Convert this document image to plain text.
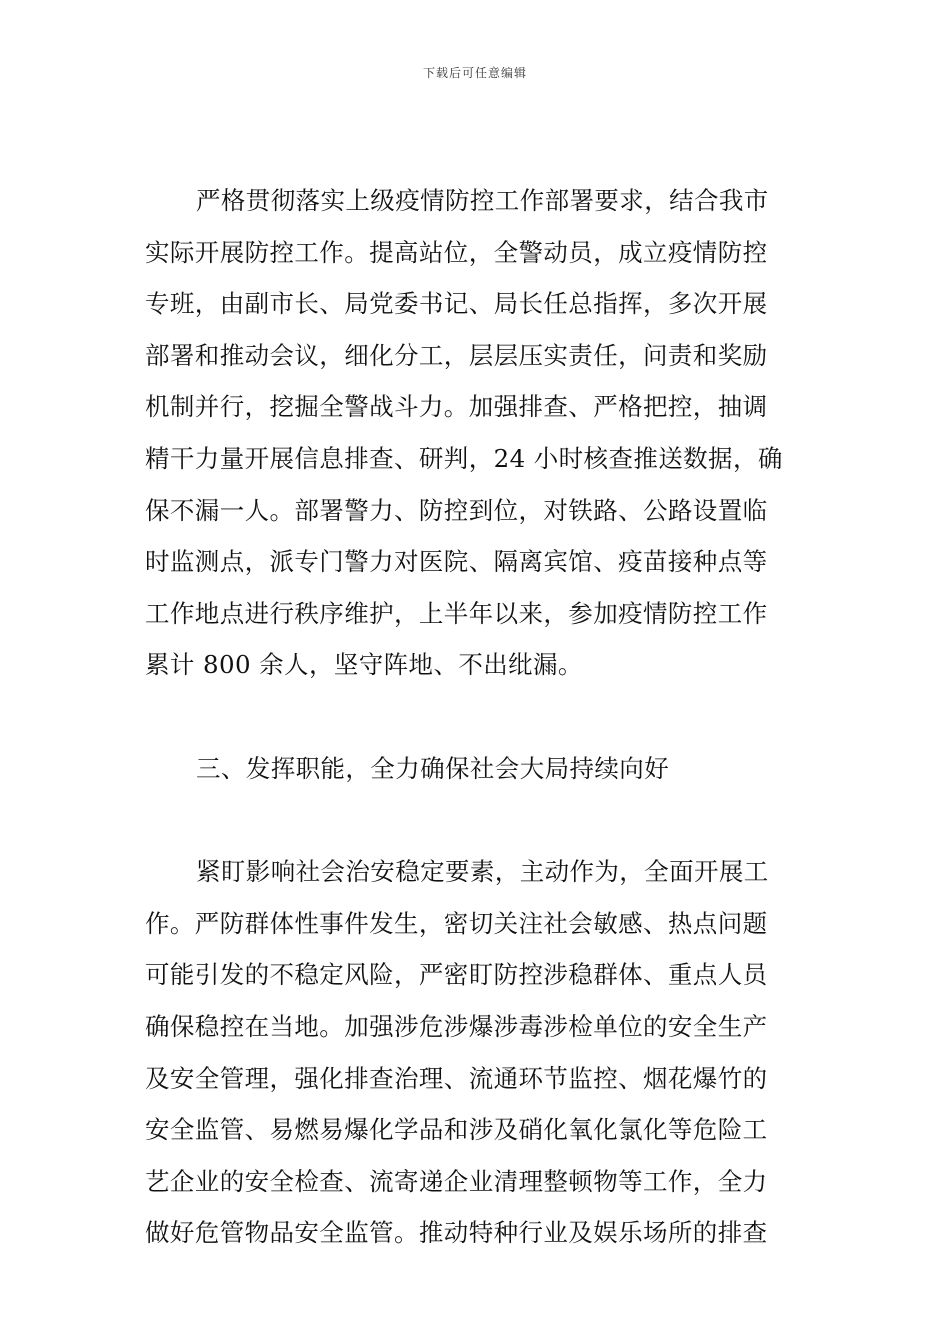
下载后可任意编辑
严格贯彻落实上级疫情防控工作部署要求，结合我市
实际开展防控工作。提高站位，全警动员，成立疫情防控
专班，由副市长、局党委书记、局长任总指挥，多次开展
部署和推动会议，细化分工，层层压实责任，问责和奖励
机制并行，挖掘全警战斗力。加强排查、严格把控，抽调
精干力量开展信息排查、研判，24 小时核查推送数据，确
保不漏一人。部署警力、防控到位，对铁路、公路设置临
时监测点，派专门警力对医院、隔离宾馆、疫苗接种点等
工作地点进行秩序维护，上半年以来，参加疫情防控工作
累计 800 余人，坚守阵地、不出纰漏。
三、发挥职能，全力确保社会大局持续向好
紧盯影响社会治安稳定要素，主动作为，全面开展工
作。严防群体性事件发生，密切关注社会敏感、热点问题
可能引发的不稳定风险，严密盯防控涉稳群体、重点人员
确保稳控在当地。加强涉危涉爆涉毒涉检单位的安全生产
及安全管理，强化排查治理、流通环节监控、烟花爆竹的
安全监管、易燃易爆化学品和涉及硝化氧化氯化等危险工
艺企业的安全检查、流寄递企业清理整顿物等工作，全力
做好危管物品安全监管。推动特种行业及娱乐场所的排查
